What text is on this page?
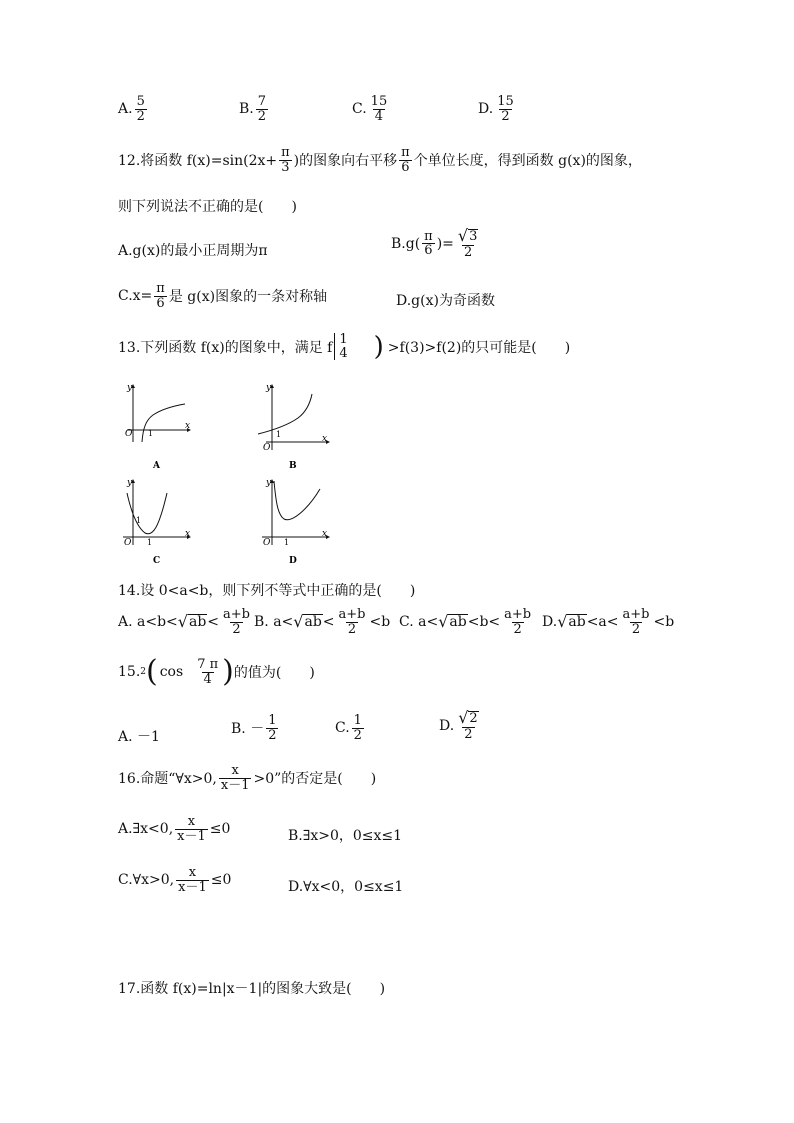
A. $\frac{5}{2}$	B. $\frac{7}{2}$	C. $\frac{15}{4}$	D. $\frac{15}{2}$
12.将函数 $f(x)=\sin(2x+ \frac{\pi}{3}$ )的图象向右平移 $\frac{\pi}{6}$ 个单位长度，得到函数 g(x)的图象，
则下列说法不正确的是(　　)
A.g(x)的最小正周期为π	$B.g( \frac{\pi}{6}$ )= $\frac{√ 3}{2}$
$C.x= \frac{\pi}{6}$ 是 g(x)图象的一条对称轴	D.g(x)为奇函数
13.下列函数 f(x)的图象中，满足 f
1
4 ) >f(3)>f(2)的只可能是(　　)
y
x
O 1
A
y
x
O
1
B
y
x
O
1
1
C
y
x
O 1
D
14.设 0<a<b，则下列不等式中正确的是(　　)
A. a<b< √ ab < $\frac{a+b}{2} B$. a< √ ab < $\frac{a+b}{2} <b$ C. a< √ ab $<b< \frac{a+b}{2} D$. √ ab $<a< \frac{a+b}{2} <b$
15. 2 ( $\cos \frac{7 \pi}{4}$ ) 的值为(　　)
A. －1	B. － $\frac{1}{2}$	C. $\frac{1}{2}$	D. $\frac{√ 2}{2}$
16.命题“∀x>0, $\frac{x}{x-1} >0$”的否定是(　　)
A.∃x<0, $\frac{x}{x-1} \le 0$	B.∃x>0，0≤x≤1
C.∀x>0, $\frac{x}{x-1} \le 0$	D.∀x<0，0≤x≤1
17.函数 f(x)=ln|x－1|的图象大致是(　　)
